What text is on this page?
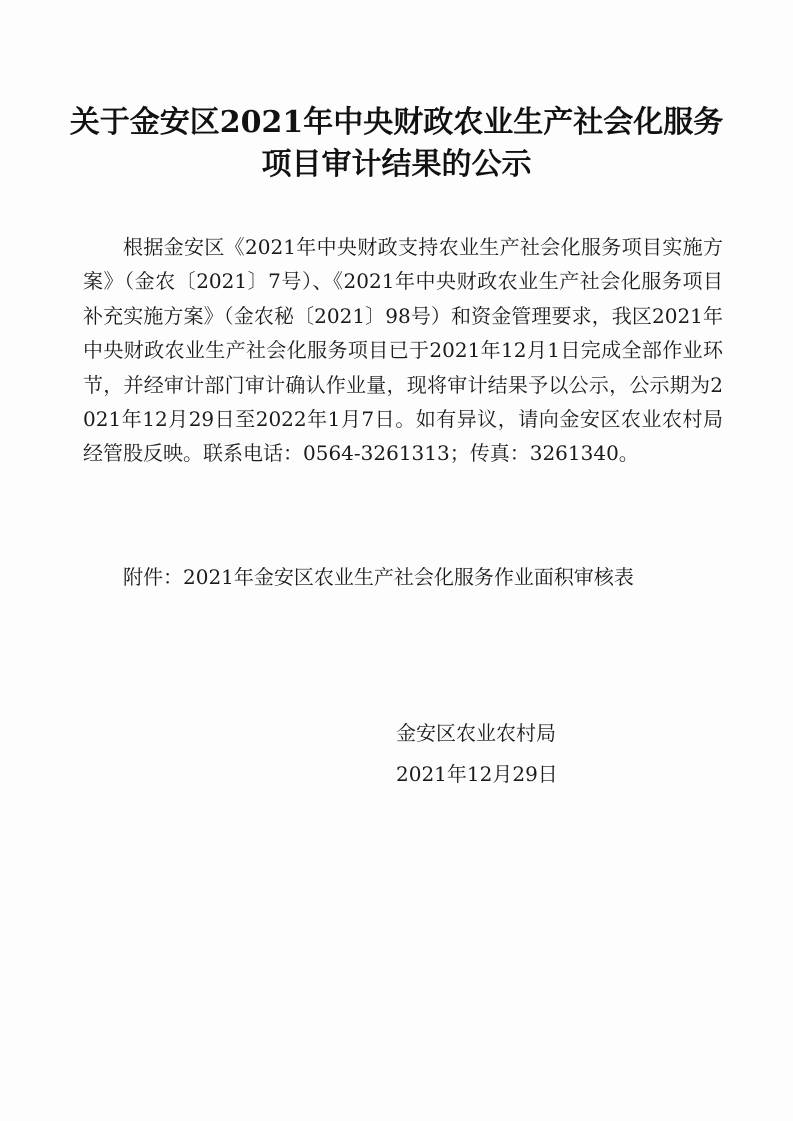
关于金安区2021年中央财政农业生产社会化服务
项目审计结果的公示
根据金安区《2021年中央财政支持农业生产社会化服务项目实施方案》（金农〔2021〕7号）、《2021年中央财政农业生产社会化服务项目补充实施方案》（金农秘〔2021〕98号）和资金管理要求，我区2021年中央财政农业生产社会化服务项目已于2021年12月1日完成全部作业环节，并经审计部门审计确认作业量，现将审计结果予以公示，公示期为2021年12月29日至2022年1月7日。如有异议，请向金安区农业农村局经管股反映。联系电话：0564-3261313；传真：3261340。
附件：2021年金安区农业生产社会化服务作业面积审核表
金安区农业农村局
2021年12月29日
